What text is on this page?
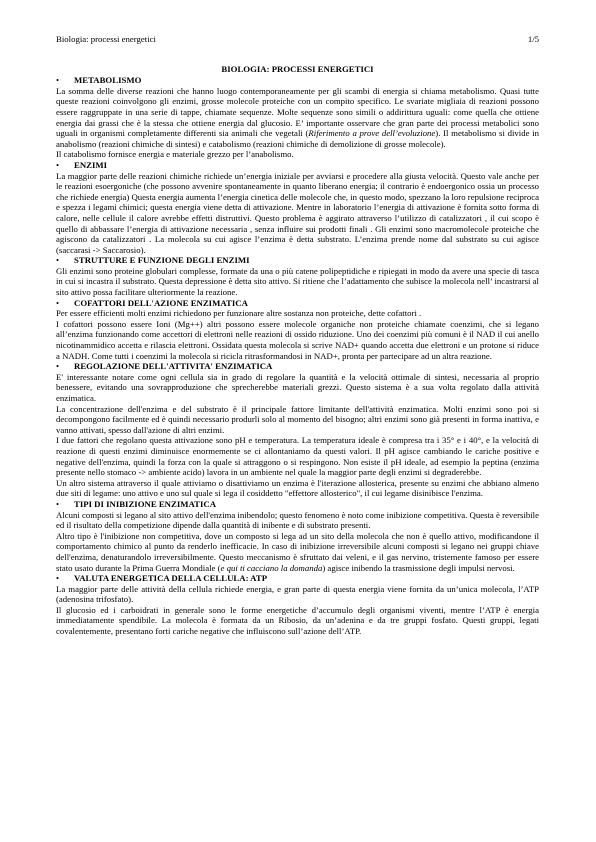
Biologia: processi energetici	1/5
BIOLOGIA: PROCESSI ENERGETICI
•
METABOLISMO

La somma delle diverse reazioni che hanno luogo contemporaneamente per gli scambi di energia si chiama metabolismo. Quasi tutte queste reazioni coinvolgono gli enzimi, grosse molecole proteiche con un compito specifico. Le svariate migliaia di reazioni possono essere raggruppate in una serie di tappe, chiamate sequenze. Molte sequenze sono simili o addirittura uguali: come quella che ottiene energia dai grassi che è la stessa che ottiene energia dal glucosio. E’ importante osservare che gran parte dei processi metabolici sono uguali in organismi completamente differenti sia animali che vegetali (Riferimento a prove dell’evoluzione). Il metabolismo si divide in anabolismo (reazioni chimiche di sintesi) e catabolismo (reazioni chimiche di demolizione di grosse molecole).

Il catabolismo fornisce energia e materiale grezzo per l’anabolismo.

•
ENZIMI

La maggior parte delle reazioni chimiche richiede un’energia iniziale per avviarsi e procedere alla giusta velocità. Questo vale anche per le reazioni esoergoniche (che possono avvenire spontaneamente in quanto liberano energia; il contrario è endoergonico ossia un processo che richiede energia) Questa energia aumenta l’energia cinetica delle molecole che, in questo modo, spezzano la loro repulsione reciproca e spezza i legami chimici; questa energia viene detta di attivazione. Mentre in laboratorio l’energia di attivazione è fornita sotto forma di calore, nelle cellule il calore avrebbe effetti distruttivi. Questo problema è aggirato attraverso l’utilizzo di catalizzatori , il cui scopo è quello di abbassare l’energia di attivazione necessaria , senza influire sui prodotti finali . Gli enzimi sono macromolecole proteiche che agiscono da catalizzatori . La molecola su cui agisce l’enzima è detta substrato. L’enzima prende nome dal substrato su cui agisce (saccarasi -> Saccarosio).

•
STRUTTURE E FUNZIONE DEGLI ENZIMI

Gli enzimi sono proteine globulari complesse, formate da una o più catene polipeptidiche e ripiegati in modo da avere una specie di tasca in cui si incastra il substrato. Questa depressione è detta sito attivo. Si ritiene che l’adattamento che subisce la molecola nell’ incastrarsi al sito attivo possa facilitare ulteriormente la reazione.

•
COFATTORI DELL'AZIONE ENZIMATICA

Per essere efficienti molti enzimi richiedono per funzionare altre sostanza non proteiche, dette cofattori .

I cofattori possono essere Ioni (Mg++) altri possono essere molecole organiche non proteiche chiamate coenzimi, che si legano all’enzima funzionando come accettori di elettroni nelle reazioni di ossido riduzione. Uno dei coenzimi più comuni è il NAD il cui anello nicotinammidico accetta e rilascia elettroni. Ossidata questa molecola si scrive NAD+ quando accetta due elettroni e un protone si riduce a NADH. Come tutti i coenzimi la molecola si ricicla ritrasformandosi in NAD+, pronta per partecipare ad un altra reazione.

•
REGOLAZIONE DELL'ATTIVITA' ENZIMATICA

E' interessante notare come ogni cellula sia in grado di regolare la quantità e la velocità ottimale di sintesi, necessaria al proprio benessere, evitando una sovrapproduzione che sprecherebbe materiali grezzi. Questo sistema è a sua volta regolato dalla attività enzimatica.

La concentrazione dell'enzima e del substrato è il principale fattore limitante dell'attività enzimatica. Molti enzimi sono poi si decompongono facilmente ed è quindi necessario produrli solo al momento del bisogno; altri enzimi sono già presenti in forma inattiva, e vanno attivati, spesso dall'azione di altri enzimi.

I due fattori che regolano questa attivazione sono pH e temperatura. La temperatura ideale è compresa tra i 35° e i 40°, e la velocità di reazione di questi enzimi diminuisce enormemente se ci allontaniamo da questi valori. Il pH agisce cambiando le cariche positive e negative dell'enzima, quindi la forza con la quale si attraggono o si respingono. Non esiste il pH ideale, ad esempio la peptina (enzima presente nello stomaco -> ambiente acido) lavora in un ambiente nel quale la maggior parte degli enzimi si degraderebbe.

Un altro sistema attraverso il quale attiviamo o disattiviamo un enzima è l'iterazione allosterica, presente su enzimi che abbiano almeno due siti di legame: uno attivo e uno sul quale si lega il cosiddetto "effettore allosterico", il cui legame disinibisce l'enzima.

•
TIPI DI INIBIZIONE ENZIMATICA

Alcuni composti si legano al sito attivo dell'enzima inibendolo; questo fenomeno è noto come inibizione competitiva. Questa è reversibile ed il risultato della competizione dipende dalla quantità di inibente e di substrato presenti.

Altro tipo è l'inibizione non competitiva, dove un composto si lega ad un sito della molecola che non è quello attivo, modificandone il comportamento chimico al punto da renderlo inefficacie. In caso di inibizione irreversibile alcuni composti si legano nei gruppi chiave dell'enzima, denaturandolo irreversibilmente. Questo meccanismo è sfruttato dai veleni, e il gas nervino, tristemente famoso per essere stato usato durante la Prima Guerra Mondiale (e qui ti cacciano la domanda) agisce inibendo la trasmissione degli impulsi nervosi.

•
VALUTA ENERGETICA DELLA CELLULA: ATP

La maggior parte delle attività della cellula richiede energia, e gran parte di questa energia viene fornita da un’unica molecola, l’ATP (adenosina trifosfato).

Il glucosio ed i carboidrati in generale sono le forme energetiche d’accumulo degli organismi viventi, mentre l’ATP è energia immediatamente spendibile. La molecola è formata da un Ribosio, da un’adenina e da tre gruppi fosfato. Questi gruppi, legati covalentemente, presentano forti cariche negative che influiscono sull’azione dell’ATP.
